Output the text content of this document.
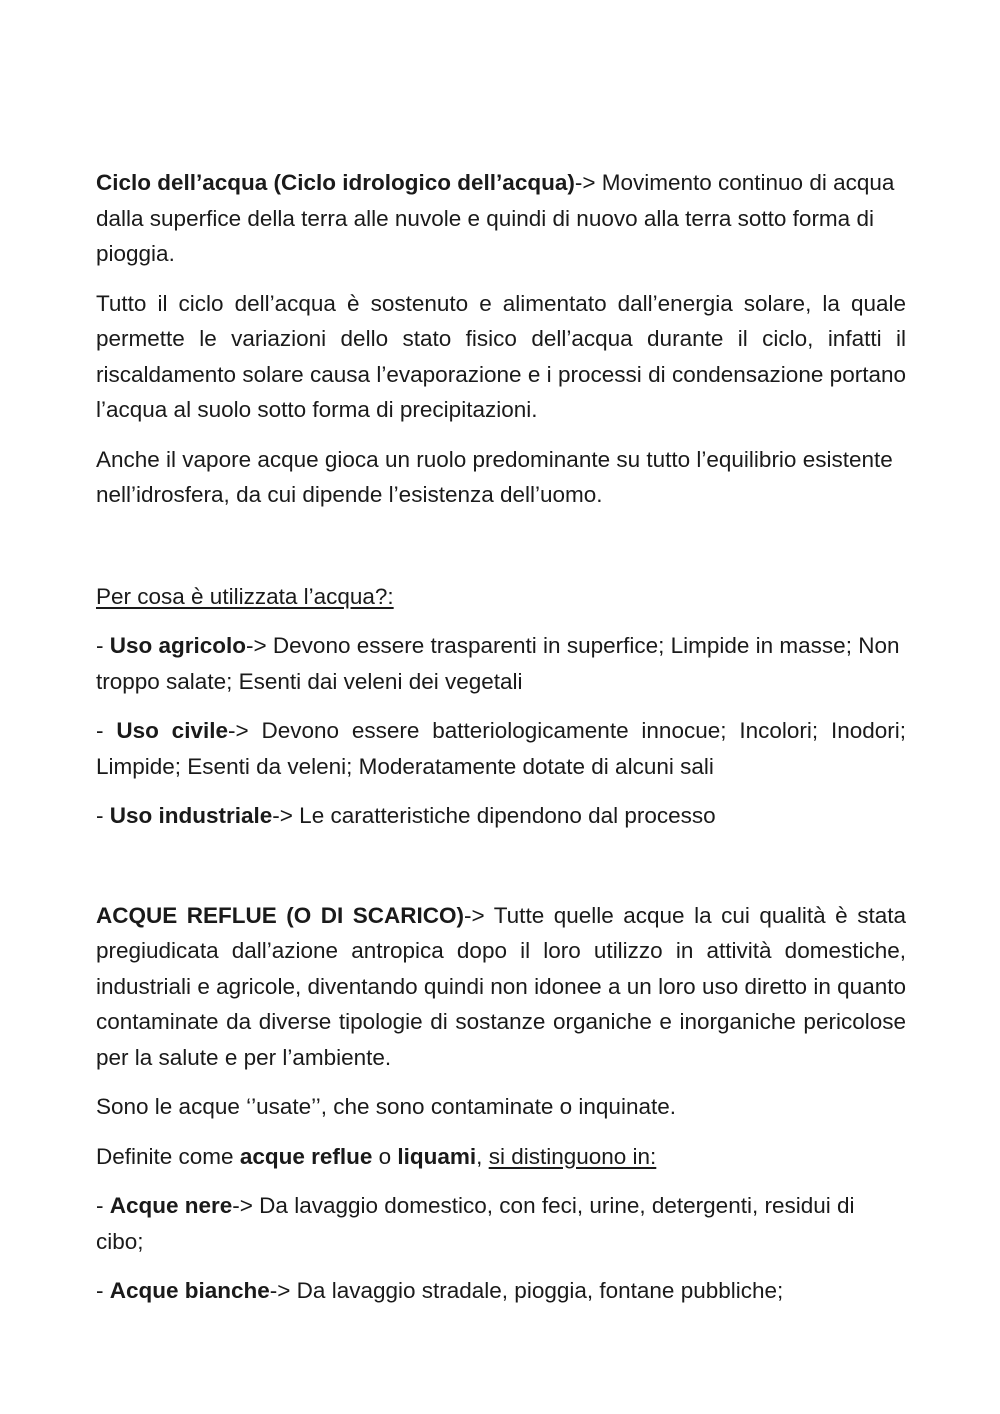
Ciclo dell’acqua (Ciclo idrologico dell’acqua)-> Movimento continuo di acqua dalla superfice della terra alle nuvole e quindi di nuovo alla terra sotto forma di pioggia.

Tutto il ciclo dell’acqua è sostenuto e alimentato dall’energia solare, la quale permette le variazioni dello stato fisico dell’acqua durante il ciclo, infatti il riscaldamento solare causa l’evaporazione e i processi di condensazione portano l’acqua al suolo sotto forma di precipitazioni.

Anche il vapore acque gioca un ruolo predominante su tutto l’equilibrio esistente nell’idrosfera, da cui dipende l’esistenza dell’uomo.

Per cosa è utilizzata l’acqua?:

- Uso agricolo-> Devono essere trasparenti in superfice; Limpide in masse; Non troppo salate; Esenti dai veleni dei vegetali

- Uso civile-> Devono essere batteriologicamente innocue; Incolori; Inodori; Limpide; Esenti da veleni; Moderatamente dotate di alcuni sali

- Uso industriale-> Le caratteristiche dipendono dal processo

ACQUE REFLUE (O DI SCARICO)-> Tutte quelle acque la cui qualità è stata pregiudicata dall’azione antropica dopo il loro utilizzo in attività domestiche, industriali e agricole, diventando quindi non idonee a un loro uso diretto in quanto contaminate da diverse tipologie di sostanze organiche e inorganiche pericolose per la salute e per l’ambiente.

Sono le acque ‘’usate’’, che sono contaminate o inquinate.

Definite come acque reflue o liquami, si distinguono in:

- Acque nere-> Da lavaggio domestico, con feci, urine, detergenti, residui di cibo;

- Acque bianche-> Da lavaggio stradale, pioggia, fontane pubbliche;
